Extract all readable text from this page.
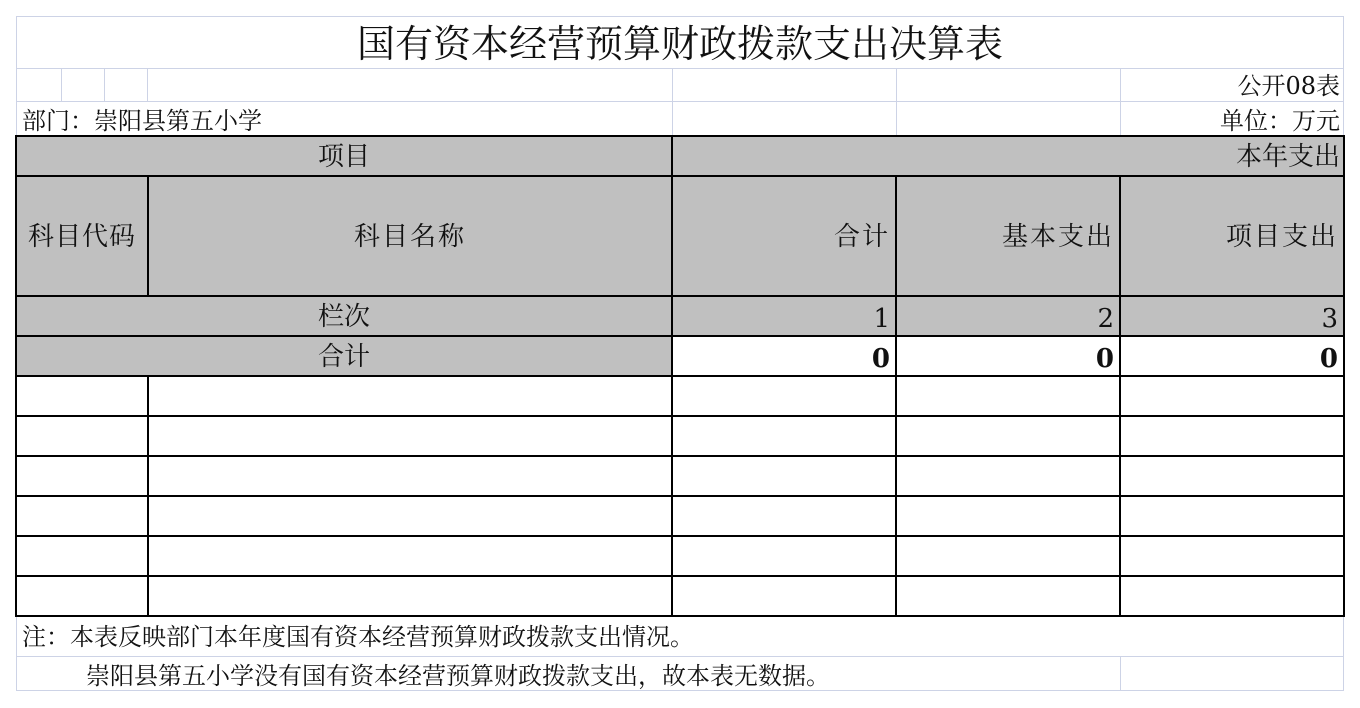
国有资本经营预算财政拨款支出决算表
公开08表
部门：崇阳县第五小学	单位：万元
项目	本年支出
科目代码	科目名称	合计	基本支出	项目支出
栏次	1	2	3
合计	0	0	0
注：本表反映部门本年度国有资本经营预算财政拨款支出情况。
崇阳县第五小学没有国有资本经营预算财政拨款支出，故本表无数据。
